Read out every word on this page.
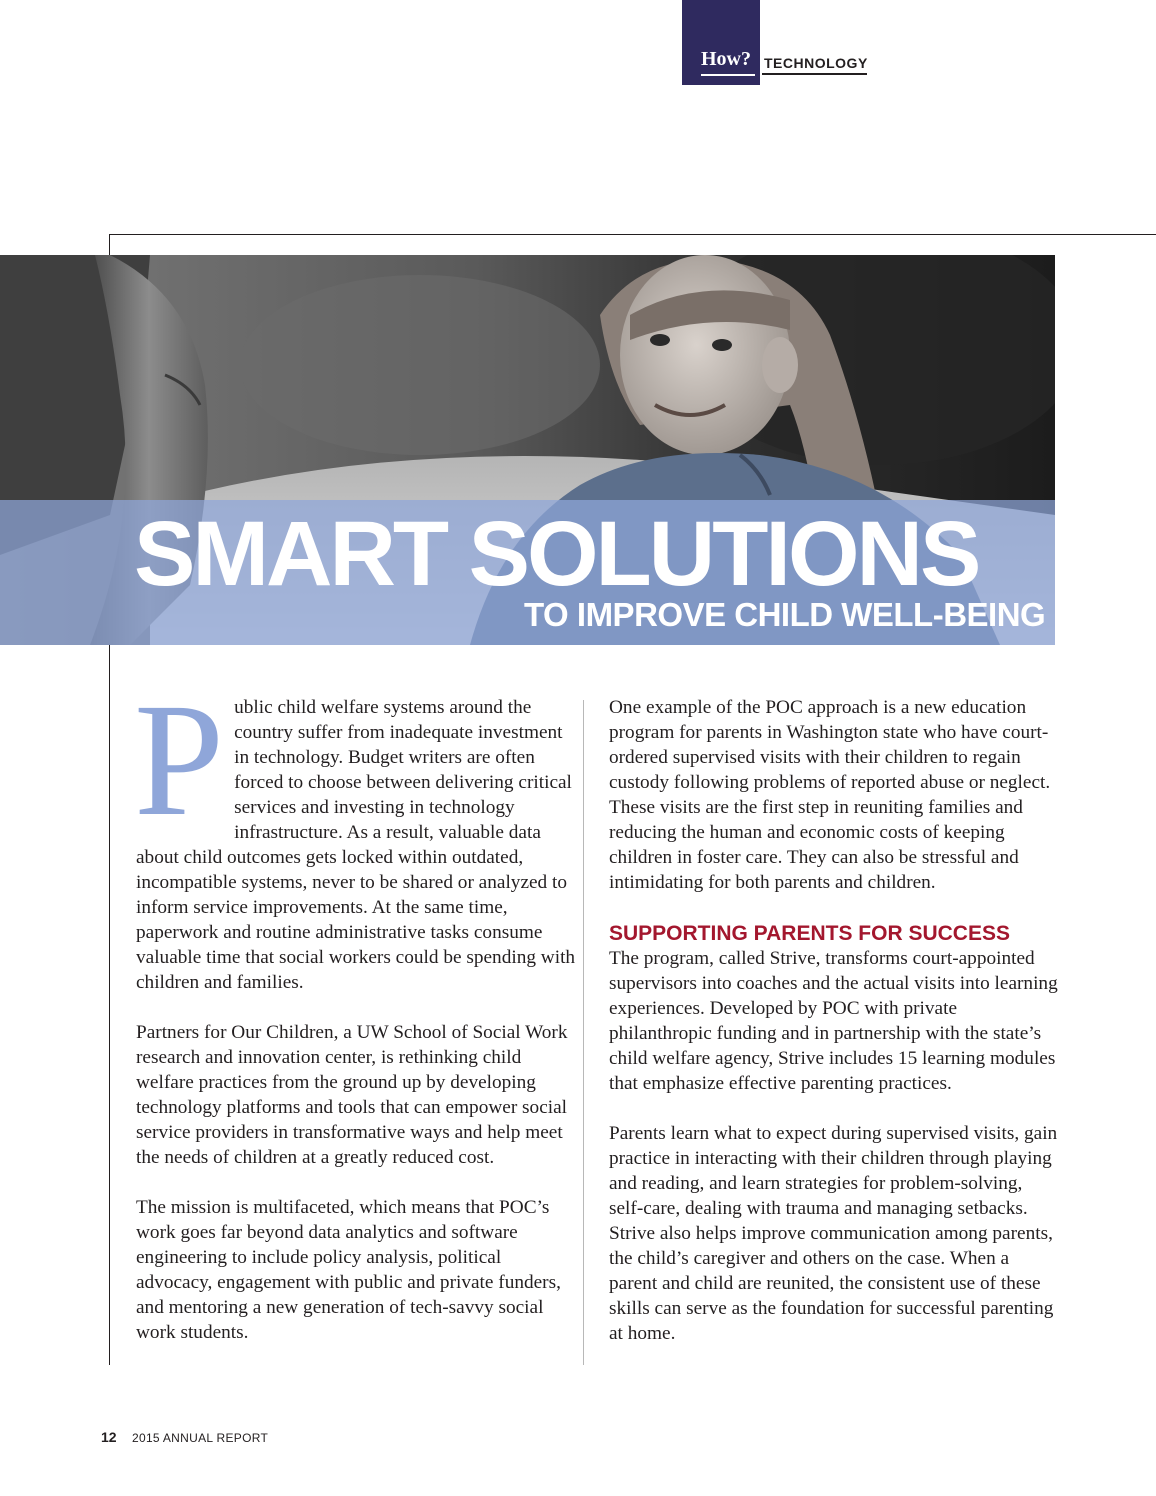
How? TECHNOLOGY
SMART SOLUTIONS
TO IMPROVE CHILD WELL-BEING

Public child welfare systems around the country suffer from inadequate investment in technology. Budget writers are often forced to choose between delivering critical services and investing in technology infrastructure. As a result, valuable data about child outcomes gets locked within outdated, incompatible systems, never to be shared or analyzed to inform service improvements. At the same time, paperwork and routine administrative tasks consume valuable time that social workers could be spending with children and families.

Partners for Our Children, a UW School of Social Work research and innovation center, is rethinking child welfare practices from the ground up by developing technology platforms and tools that can empower social service providers in transformative ways and help meet the needs of children at a greatly reduced cost.

The mission is multifaceted, which means that POC’s work goes far beyond data analytics and software engineering to include policy analysis, political advocacy, engagement with public and private funders, and mentoring a new generation of tech-savvy social work students.

One example of the POC approach is a new education program for parents in Washington state who have court-ordered supervised visits with their children to regain custody following problems of reported abuse or neglect. These visits are the first step in reuniting families and reducing the human and economic costs of keeping children in foster care. They can also be stressful and intimidating for both parents and children.

SUPPORTING PARENTS FOR SUCCESS

The program, called Strive, transforms court-appointed supervisors into coaches and the actual visits into learning experiences. Developed by POC with private philanthropic funding and in partnership with the state’s child welfare agency, Strive includes 15 learning modules that emphasize effective parenting practices.

Parents learn what to expect during supervised visits, gain practice in interacting with their children through playing and reading, and learn strategies for problem-solving, self-care, dealing with trauma and managing setbacks. Strive also helps improve communication among parents, the child’s caregiver and others on the case. When a parent and child are reunited, the consistent use of these skills can serve as the foundation for successful parenting at home.

12 2015 ANNUAL REPORT
